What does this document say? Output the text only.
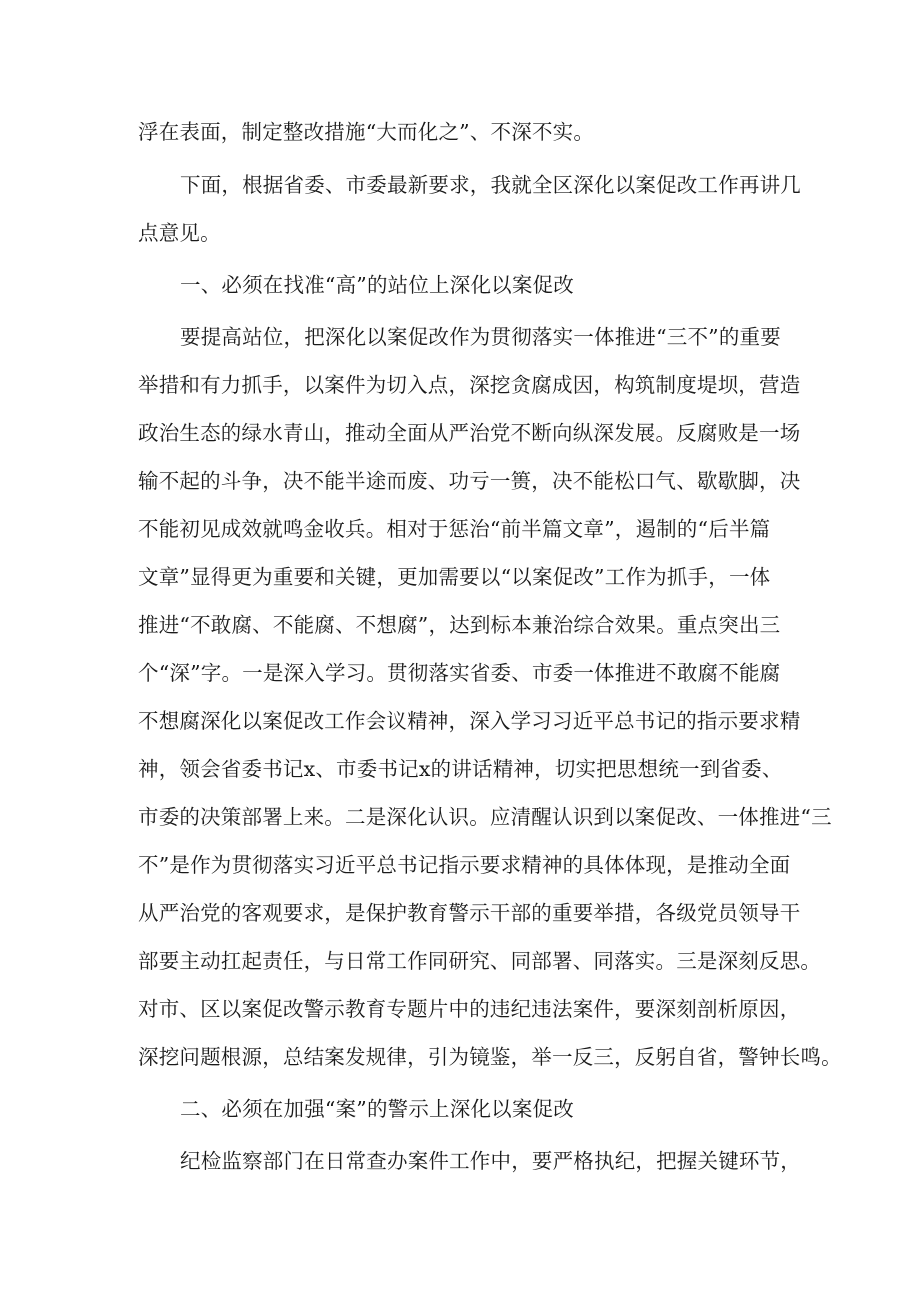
浮在表面，制定整改措施“大而化之”、不深不实。
下面，根据省委、市委最新要求，我就全区深化以案促改工作再讲几
点意见。
一、必须在找准“高”的站位上深化以案促改
要提高站位，把深化以案促改作为贯彻落实一体推进“三不”的重要
举措和有力抓手，以案件为切入点，深挖贪腐成因，构筑制度堤坝，营造
政治生态的绿水青山，推动全面从严治党不断向纵深发展。反腐败是一场
输不起的斗争，决不能半途而废、功亏一篑，决不能松口气、歇歇脚，决
不能初见成效就鸣金收兵。相对于惩治“前半篇文章”，遏制的“后半篇
文章”显得更为重要和关键，更加需要以“以案促改”工作为抓手，一体
推进“不敢腐、不能腐、不想腐”，达到标本兼治综合效果。重点突出三
个“深”字。一是深入学习。贯彻落实省委、市委一体推进不敢腐不能腐
不想腐深化以案促改工作会议精神，深入学习习近平总书记的指示要求精
神，领会省委书记x、市委书记x的讲话精神，切实把思想统一到省委、
市委的决策部署上来。二是深化认识。应清醒认识到以案促改、一体推进“三
不”是作为贯彻落实习近平总书记指示要求精神的具体体现，是推动全面
从严治党的客观要求，是保护教育警示干部的重要举措，各级党员领导干
部要主动扛起责任，与日常工作同研究、同部署、同落实。三是深刻反思。
对市、区以案促改警示教育专题片中的违纪违法案件，要深刻剖析原因，
深挖问题根源，总结案发规律，引为镜鉴，举一反三，反躬自省，警钟长鸣。
二、必须在加强“案”的警示上深化以案促改
纪检监察部门在日常查办案件工作中，要严格执纪，把握关键环节，
